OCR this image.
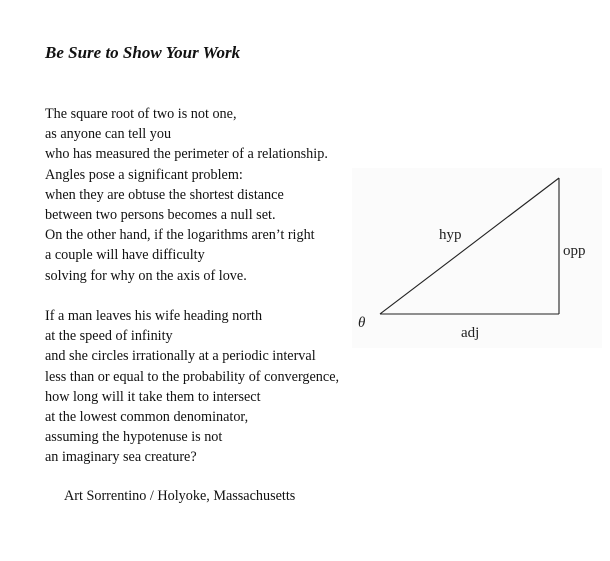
Be Sure to Show Your Work
The square root of two is not one,
as anyone can tell you
who has measured the perimeter of a relationship.
Angles pose a significant problem:
when they are obtuse the shortest distance
between two persons becomes a null set.
On the other hand, if the logarithms aren’t right
a couple will have difficulty
solving for why on the axis of love.
If a man leaves his wife heading north
at the speed of infinity
and she circles irrationally at a periodic interval
less than or equal to the probability of convergence,
how long will it take them to intersect
at the lowest common denominator,
assuming the hypotenuse is not
an imaginary sea creature?
hyp
opp
adj
θ
Art Sorrentino / Holyoke, Massachusetts
